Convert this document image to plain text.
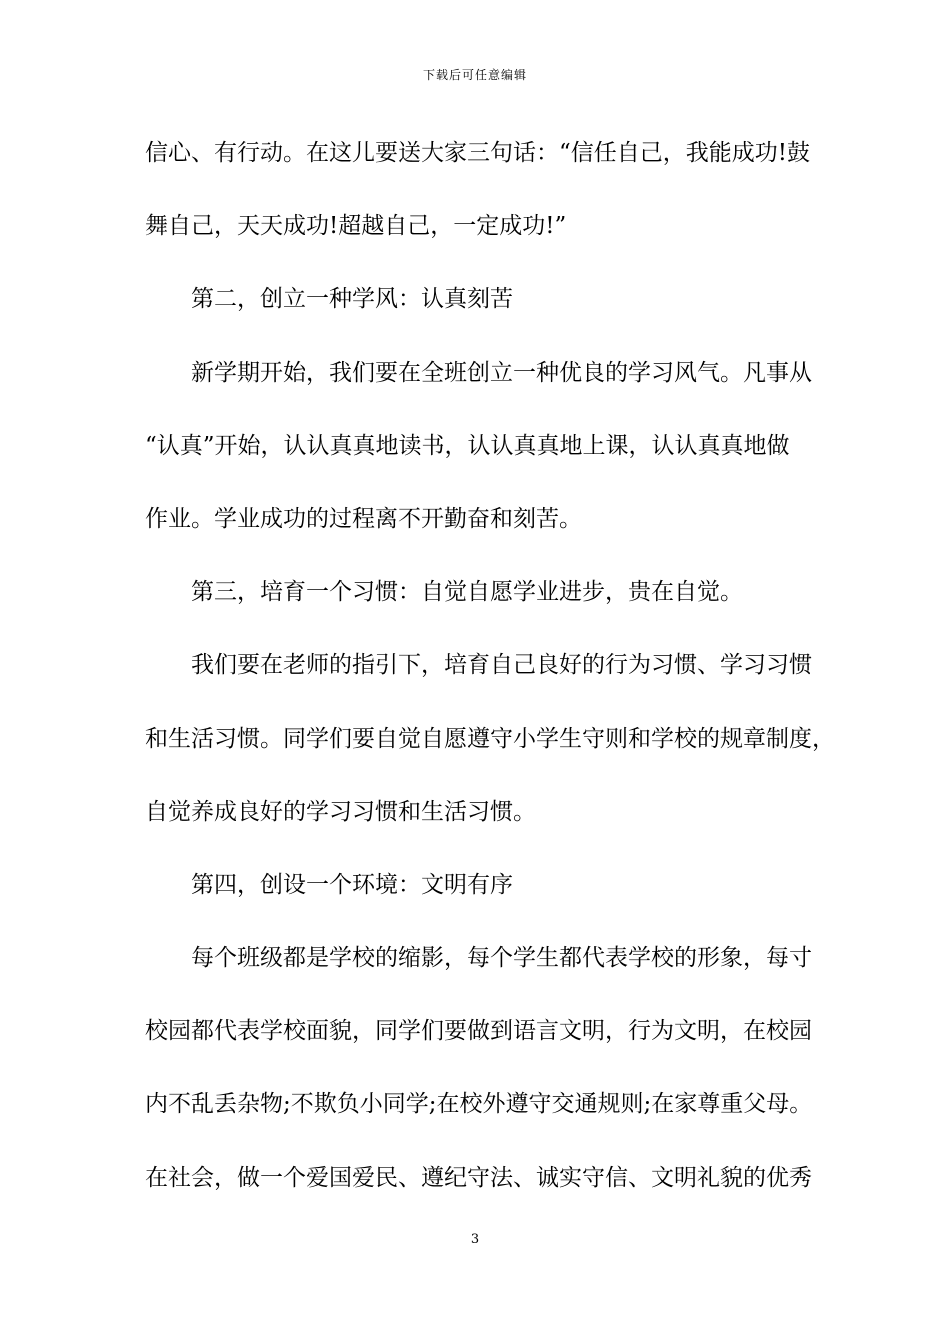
下载后可任意编辑
信心、有行动。在这儿要送大家三句话：“信任自己，我能成功!鼓
舞自己，天天成功!超越自己，一定成功!”
第二，创立一种学风：认真刻苦
新学期开始，我们要在全班创立一种优良的学习风气。凡事从
“认真”开始，认认真真地读书，认认真真地上课，认认真真地做
作业。学业成功的过程离不开勤奋和刻苦。
第三，培育一个习惯：自觉自愿学业进步，贵在自觉。
我们要在老师的指引下，培育自己良好的行为习惯、学习习惯
和生活习惯。同学们要自觉自愿遵守小学生守则和学校的规章制度，
自觉养成良好的学习习惯和生活习惯。
第四，创设一个环境：文明有序
每个班级都是学校的缩影，每个学生都代表学校的形象，每寸
校园都代表学校面貌，同学们要做到语言文明，行为文明，在校园
内不乱丢杂物;不欺负小同学;在校外遵守交通规则;在家尊重父母。
在社会，做一个爱国爱民、遵纪守法、诚实守信、文明礼貌的优秀
3
